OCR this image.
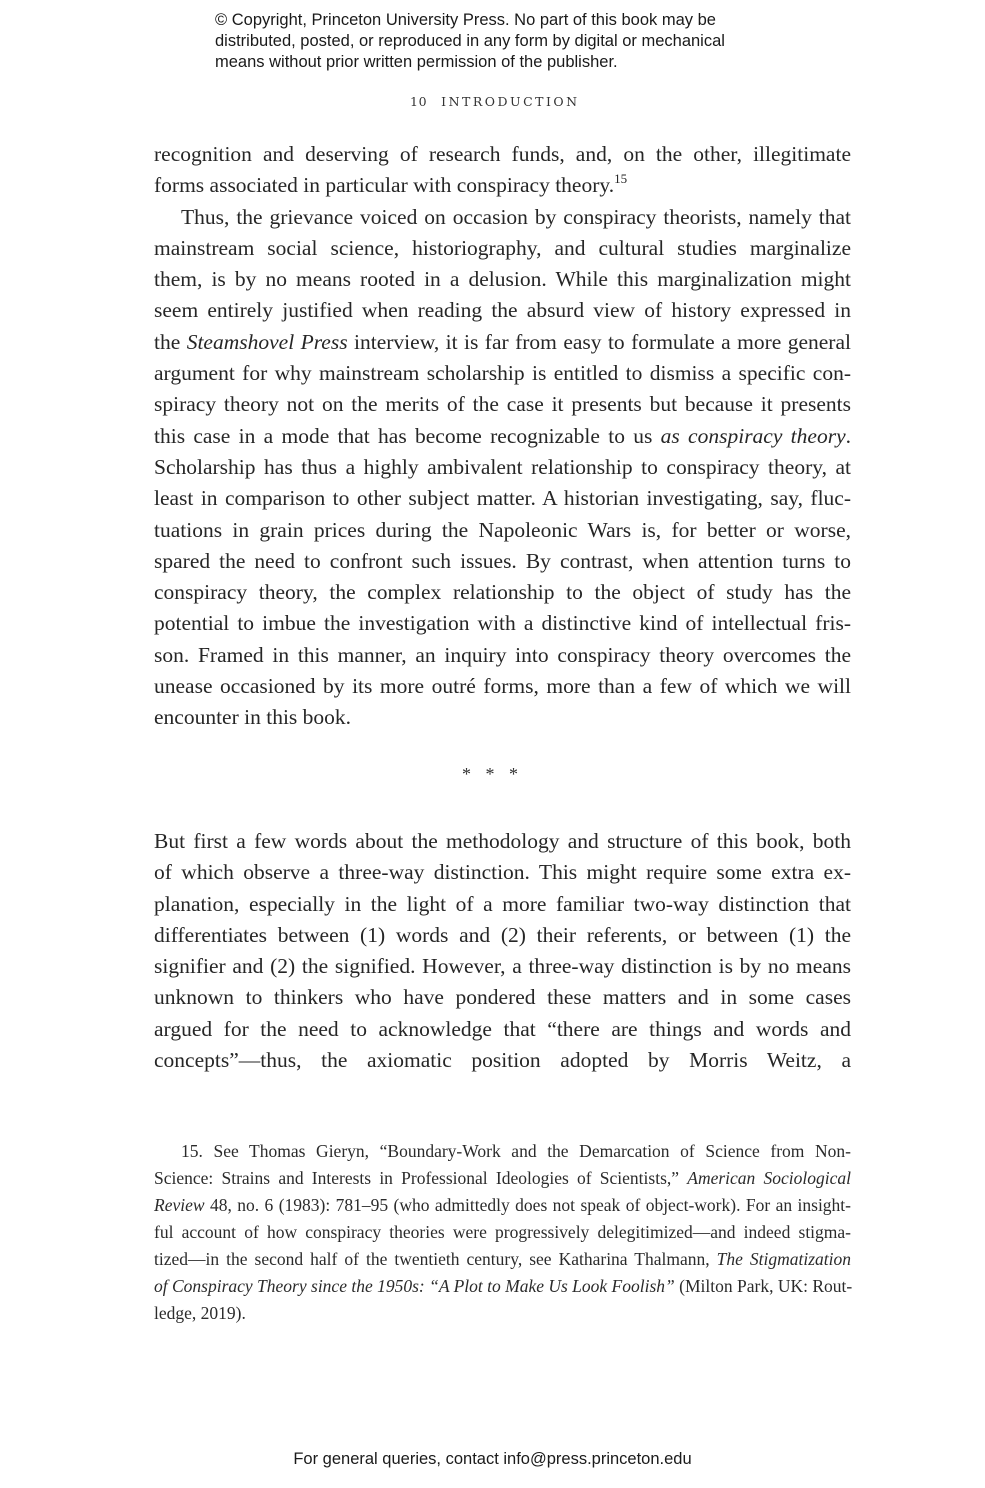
© Copyright, Princeton University Press. No part of this book may be
distributed, posted, or reproduced in any form by digital or mechanical
means without prior written permission of the publisher.
10 INTRODUCTION
recognition and deserving of research funds, and, on the other, illegitimate
forms associated in particular with conspiracy theory.$^{15}$
Thus, the grievance voiced on occasion by conspiracy theorists, namely that
mainstream social science, historiography, and cultural studies marginalize
them, is by no means rooted in a delusion. While this marginalization might
seem entirely justified when reading the absurd view of history expressed in
the Steamshovel Press interview, it is far from easy to formulate a more general
argument for why mainstream scholarship is entitled to dismiss a specific con-
spiracy theory not on the merits of the case it presents but because it presents
this case in a mode that has become recognizable to us as conspiracy theory.
Scholarship has thus a highly ambivalent relationship to conspiracy theory, at
least in comparison to other subject matter. A historian investigating, say, fluc-
tuations in grain prices during the Napoleonic Wars is, for better or worse,
spared the need to confront such issues. By contrast, when attention turns to
conspiracy theory, the complex relationship to the object of study has the
potential to imbue the investigation with a distinctive kind of intellectual fris-
son. Framed in this manner, an inquiry into conspiracy theory overcomes the
unease occasioned by its more outré forms, more than a few of which we will
encounter in this book.
* * *
But first a few words about the methodology and structure of this book, both
of which observe a three-way distinction. This might require some extra ex-
planation, especially in the light of a more familiar two-way distinction that
differentiates between (1) words and (2) their referents, or between (1) the
signifier and (2) the signified. However, a three-way distinction is by no means
unknown to thinkers who have pondered these matters and in some cases
argued for the need to acknowledge that “there are things and words and
concepts”—thus, the axiomatic position adopted by Morris Weitz, a
15. See Thomas Gieryn, “Boundary-Work and the Demarcation of Science from Non-
Science: Strains and Interests in Professional Ideologies of Scientists,” American Sociological
Review 48, no. 6 (1983): 781–95 (who admittedly does not speak of object-work). For an insight-
ful account of how conspiracy theories were progressively delegitimized—and indeed stigma-
tized—in the second half of the twentieth century, see Katharina Thalmann, The Stigmatization
of Conspiracy Theory since the 1950s: “A Plot to Make Us Look Foolish” (Milton Park, UK: Rout-
ledge, 2019).
For general queries, contact info@press.princeton.edu
